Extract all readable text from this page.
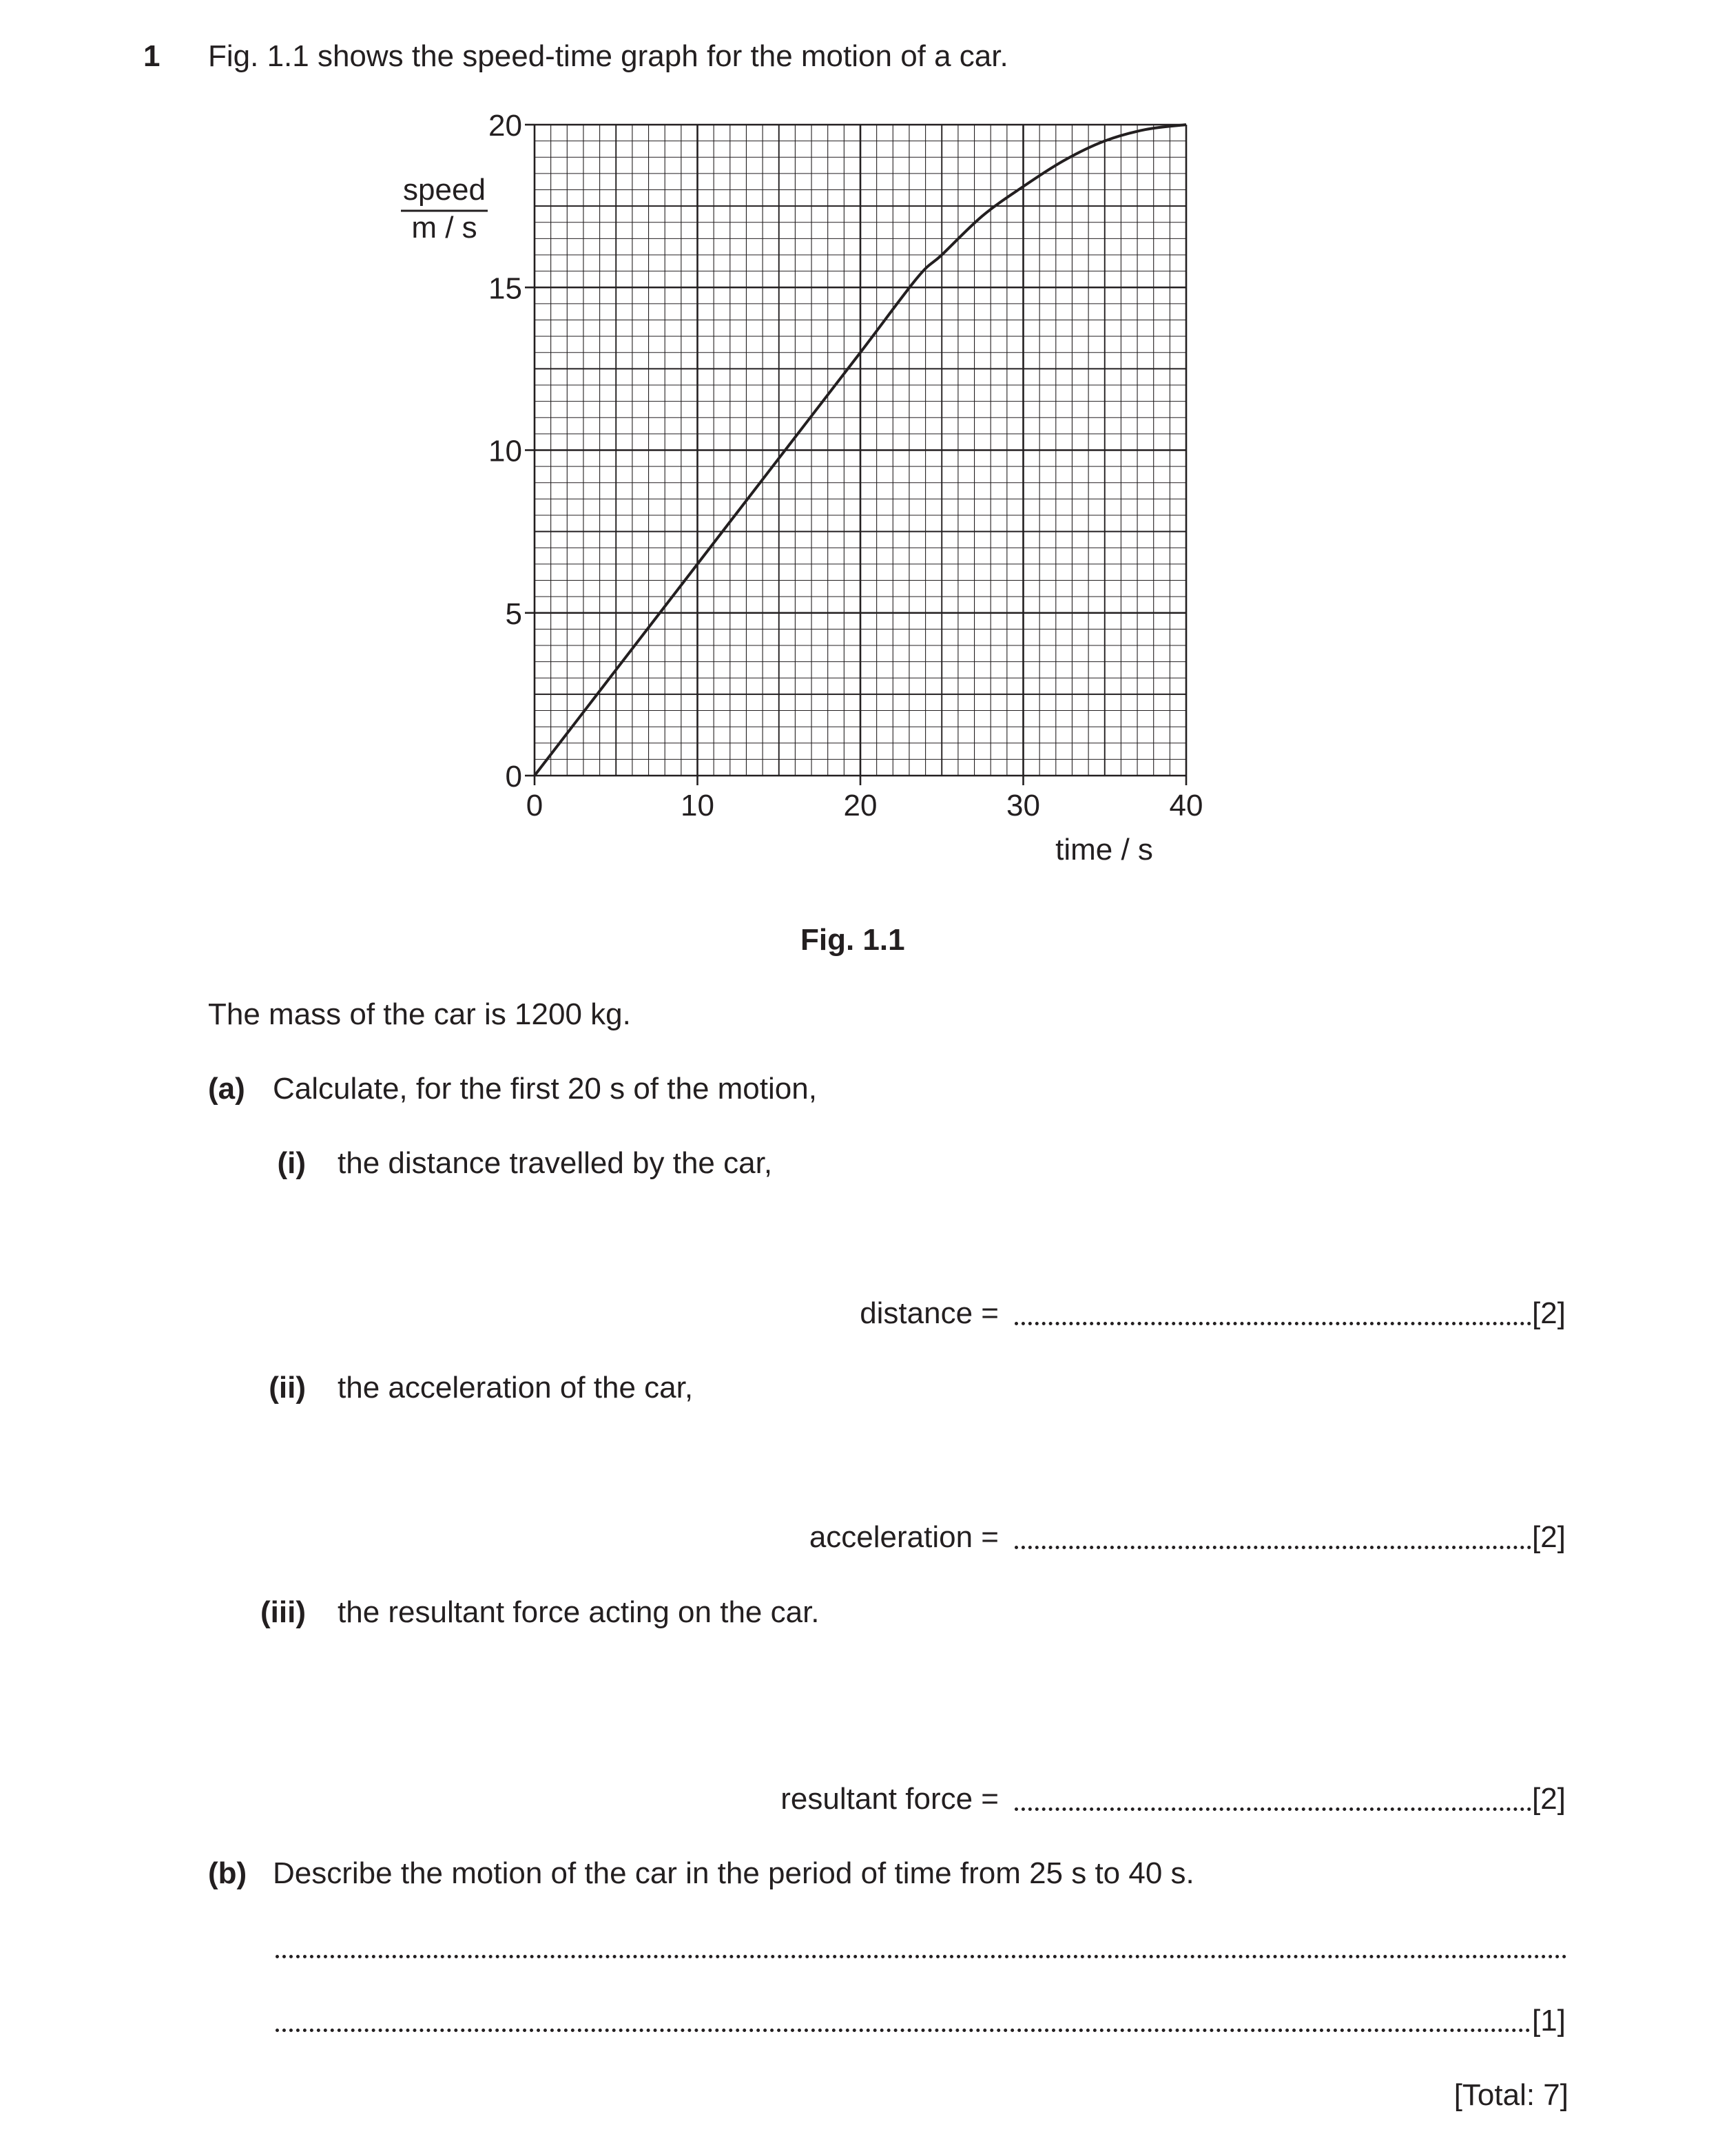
1 Fig. 1.1 shows the speed-time graph for the motion of a car.
0	10	20	30	40
0
5
10
15
20
speed
m / s
time / s
Fig. 1.1
The mass of the car is 1200 kg.
(a) Calculate, for the first 20 s of the motion,
(i) the distance travelled by the car,
distance =	[2]
(ii) the acceleration of the car,
acceleration =	[2]
(iii) the resultant force acting on the car.
resultant force =	[2]
(b) Describe the motion of the car in the period of time from 25 s to 40 s.
[1]
[Total: 7]
